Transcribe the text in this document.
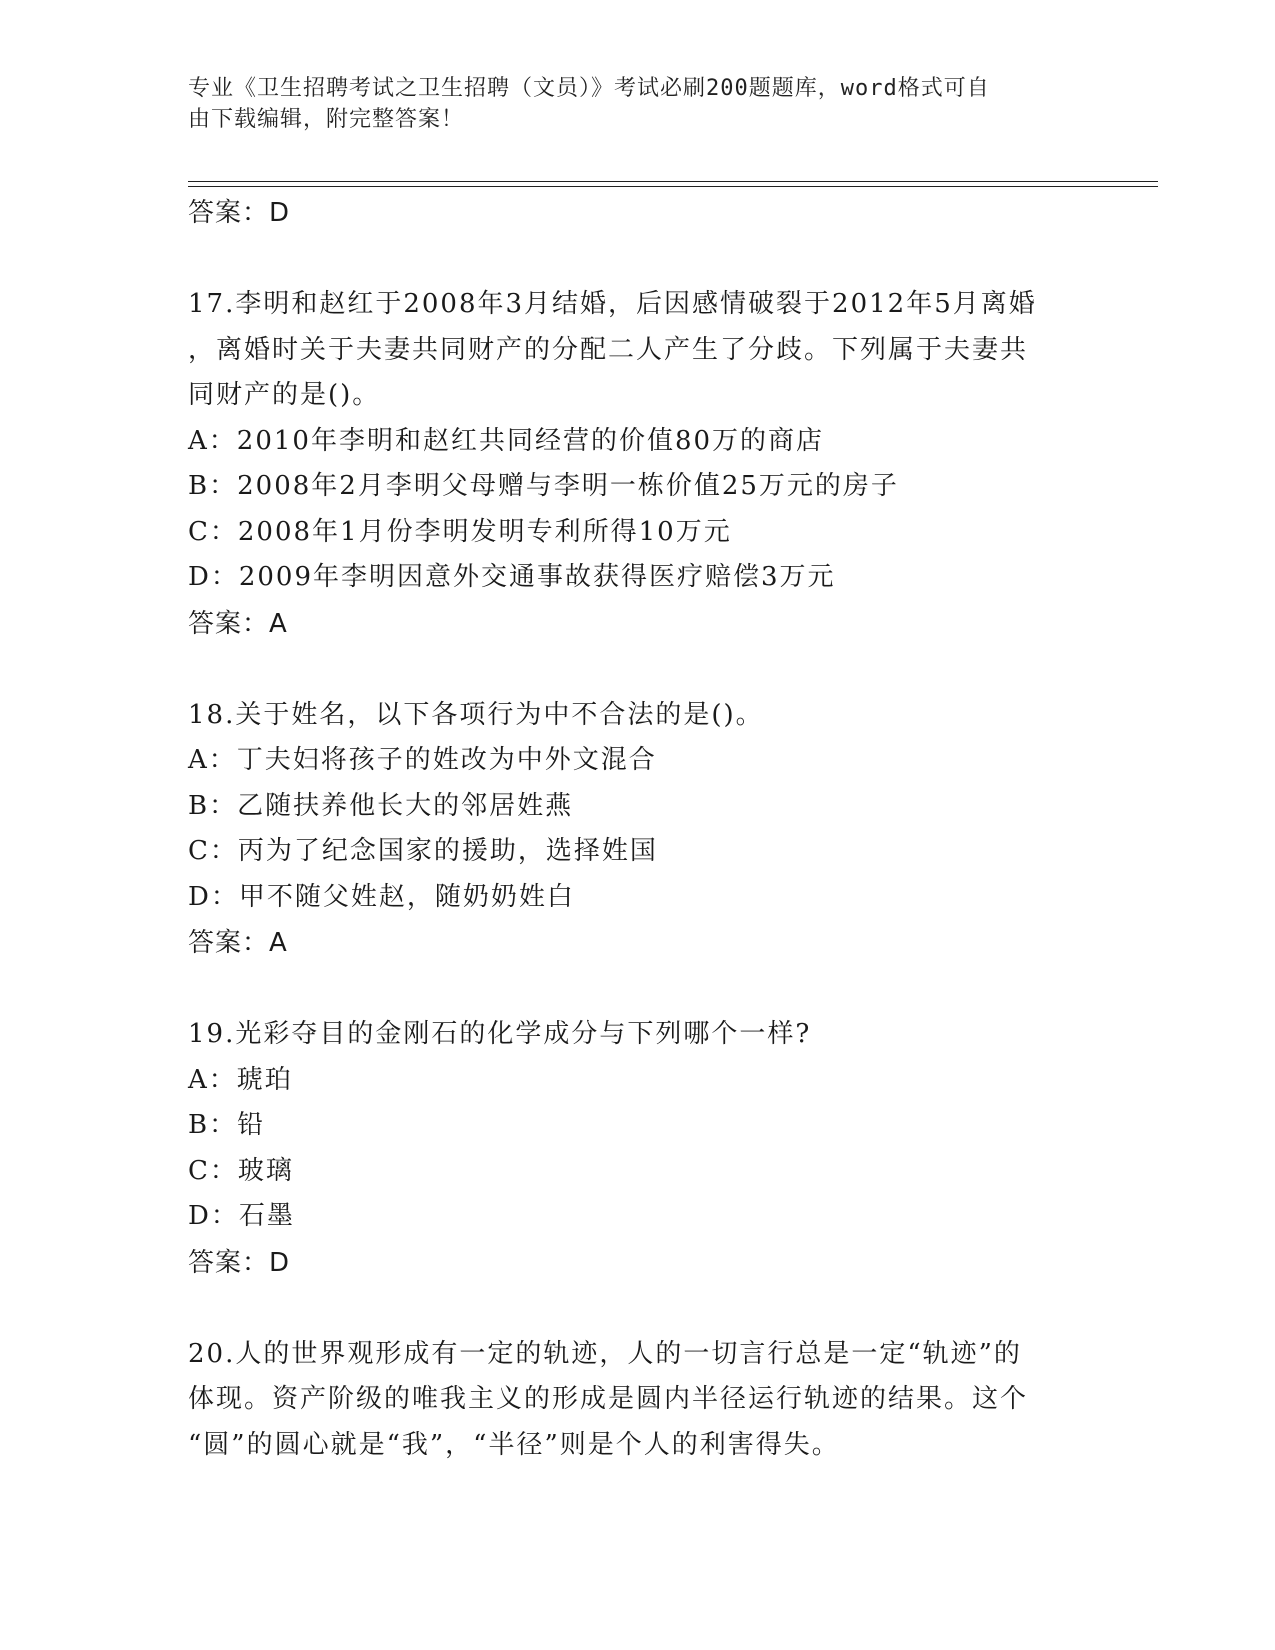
专业《卫生招聘考试之卫生招聘（文员）》考试必刷200题题库，word格式可自
由下载编辑，附完整答案！
答案：D
17.李明和赵红于2008年3月结婚，后因感情破裂于2012年5月离婚
，离婚时关于夫妻共同财产的分配二人产生了分歧。下列属于夫妻共
同财产的是()。
A：2010年李明和赵红共同经营的价值80万的商店
B：2008年2月李明父母赠与李明一栋价值25万元的房子
C：2008年1月份李明发明专利所得10万元
D：2009年李明因意外交通事故获得医疗赔偿3万元
答案：A
18.关于姓名，以下各项行为中不合法的是()。
A：丁夫妇将孩子的姓改为中外文混合
B：乙随扶养他长大的邻居姓燕
C：丙为了纪念国家的援助，选择姓国
D：甲不随父姓赵，随奶奶姓白
答案：A
19.光彩夺目的金刚石的化学成分与下列哪个一样?
A：琥珀
B：铅
C：玻璃
D：石墨
答案：D
20.人的世界观形成有一定的轨迹，人的一切言行总是一定“轨迹”的
体现。资产阶级的唯我主义的形成是圆内半径运行轨迹的结果。这个
“圆”的圆心就是“我”，“半径”则是个人的利害得失。
